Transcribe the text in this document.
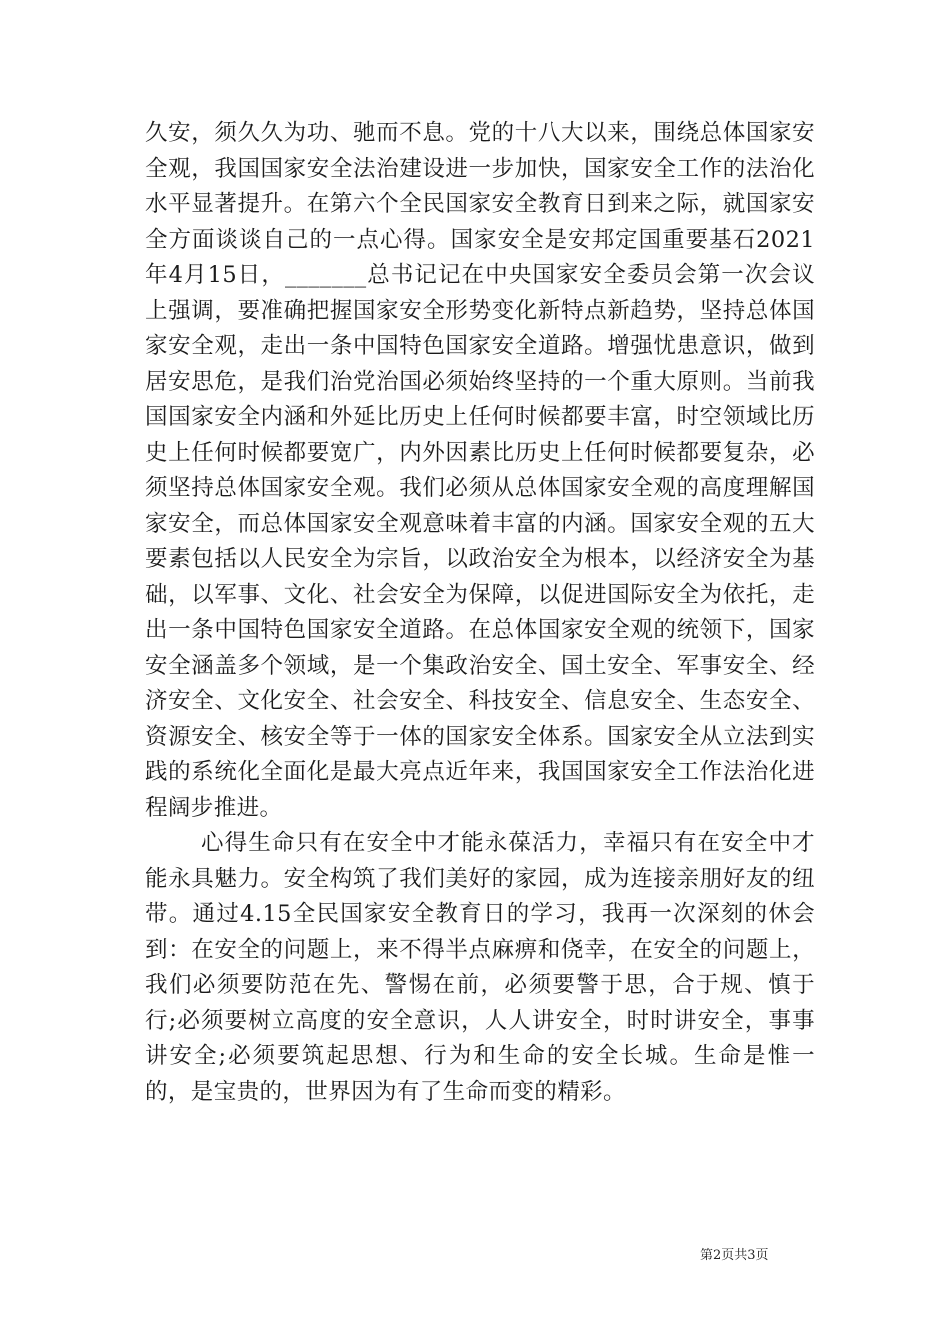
久安，须久久为功、驰而不息。党的十八大以来，围绕总体国家安全观，我国国家安全法治建设进一步加快，国家安全工作的法治化水平显著提升。在第六个全民国家安全教育日到来之际，就国家安全方面谈谈自己的一点心得。国家安全是安邦定国重要基石2021年4月15日，_______总书记记在中央国家安全委员会第一次会议上强调，要准确把握国家安全形势变化新特点新趋势，坚持总体国家安全观，走出一条中国特色国家安全道路。增强忧患意识，做到居安思危，是我们治党治国必须始终坚持的一个重大原则。当前我国国家安全内涵和外延比历史上任何时候都要丰富，时空领域比历史上任何时候都要宽广，内外因素比历史上任何时候都要复杂，必须坚持总体国家安全观。我们必须从总体国家安全观的高度理解国家安全，而总体国家安全观意味着丰富的内涵。国家安全观的五大要素包括以人民安全为宗旨，以政治安全为根本，以经济安全为基础，以军事、文化、社会安全为保障，以促进国际安全为依托，走出一条中国特色国家安全道路。在总体国家安全观的统领下，国家安全涵盖多个领域，是一个集政治安全、国土安全、军事安全、经济安全、文化安全、社会安全、科技安全、信息安全、生态安全、资源安全、核安全等于一体的国家安全体系。国家安全从立法到实践的系统化全面化是最大亮点近年来，我国国家安全工作法治化进程阔步推进。

心得生命只有在安全中才能永葆活力，幸福只有在安全中才能永具魅力。安全构筑了我们美好的家园，成为连接亲朋好友的纽带。通过4.15全民国家安全教育日的学习，我再一次深刻的休会到：在安全的问题上，来不得半点麻痹和侥幸，在安全的问题上，我们必须要防范在先、警惕在前，必须要警于思，合于规、慎于行;必须要树立高度的安全意识，人人讲安全，时时讲安全，事事讲安全;必须要筑起思想、行为和生命的安全长城。生命是惟一的，是宝贵的，世界因为有了生命而变的精彩。

第2页共3页
